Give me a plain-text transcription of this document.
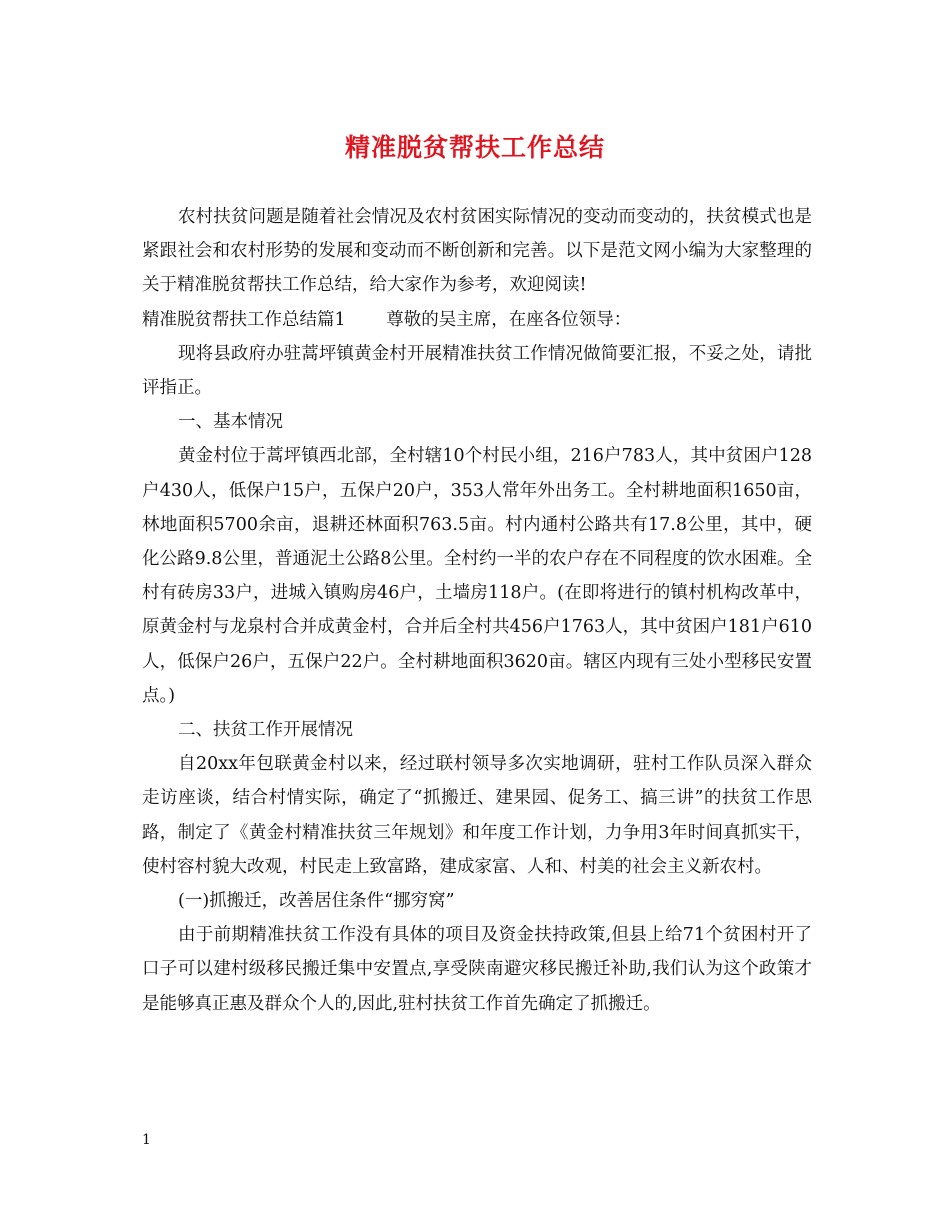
精准脱贫帮扶工作总结

农村扶贫问题是随着社会情况及农村贫困实际情况的变动而变动的，扶贫模式也是紧跟社会和农村形势的发展和变动而不断创新和完善。以下是范文网小编为大家整理的关于精准脱贫帮扶工作总结，给大家作为参考，欢迎阅读!

精准脱贫帮扶工作总结篇1　　 尊敬的吴主席，在座各位领导：

现将县政府办驻蒿坪镇黄金村开展精准扶贫工作情况做简要汇报，不妥之处，请批评指正。

一、基本情况

黄金村位于蒿坪镇西北部，全村辖10个村民小组，216户783人，其中贫困户128户430人，低保户15户，五保户20户，353人常年外出务工。全村耕地面积1650亩，林地面积5700余亩，退耕还林面积763.5亩。村内通村公路共有17.8公里，其中，硬化公路9.8公里，普通泥土公路8公里。全村约一半的农户存在不同程度的饮水困难。全村有砖房33户，进城入镇购房46户，土墙房118户。(在即将进行的镇村机构改革中，原黄金村与龙泉村合并成黄金村，合并后全村共456户1763人，其中贫困户181户610人，低保户26户，五保户22户。全村耕地面积3620亩。辖区内现有三处小型移民安置点。)

二、扶贫工作开展情况

自20xx年包联黄金村以来，经过联村领导多次实地调研，驻村工作队员深入群众走访座谈，结合村情实际，确定了“抓搬迁、建果园、促务工、搞三讲”的扶贫工作思路，制定了《黄金村精准扶贫三年规划》和年度工作计划，力争用3年时间真抓实干，使村容村貌大改观，村民走上致富路，建成家富、人和、村美的社会主义新农村。

(一)抓搬迁，改善居住条件“挪穷窝”

由于前期精准扶贫工作没有具体的项目及资金扶持政策,但县上给71个贫困村开了口子可以建村级移民搬迁集中安置点,享受陕南避灾移民搬迁补助,我们认为这个政策才是能够真正惠及群众个人的,因此,驻村扶贫工作首先确定了抓搬迁。

1
